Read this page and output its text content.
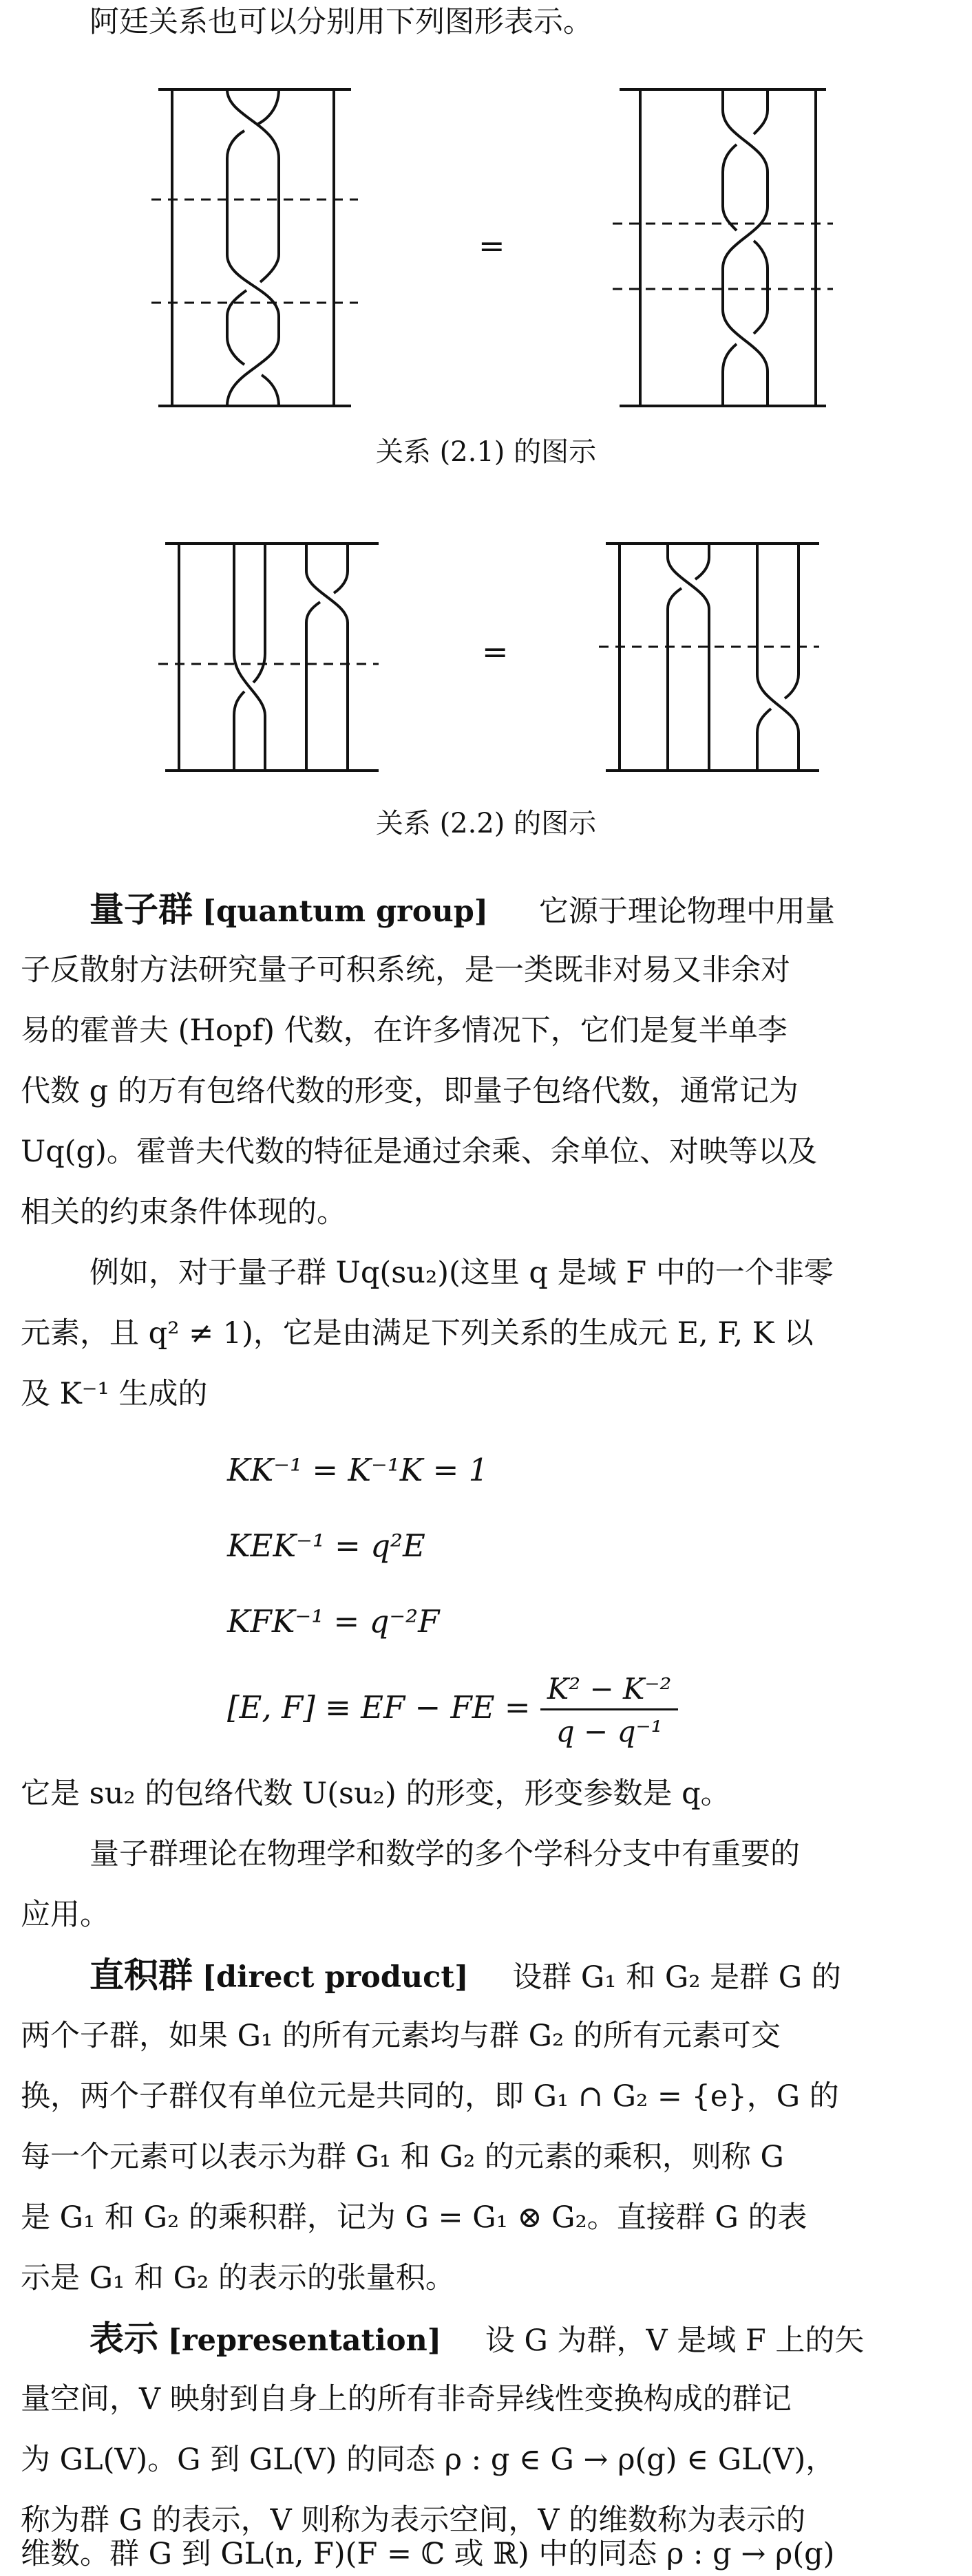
阿廷关系也可以分别用下列图形表示。
=
关系 (2.1) 的图示
=
关系 (2.2) 的图示
量子群 [quantum group] 它源于理论物理中用量
子反散射方法研究量子可积系统，是一类既非对易又非余对
易的霍普夫 (Hopf) 代数，在许多情况下，它们是复半单李
代数 g 的万有包络代数的形变，即量子包络代数，通常记为
Uq(g)。霍普夫代数的特征是通过余乘、余单位、对映等以及
相关的约束条件体现的。
例如，对于量子群 Uq(su₂)(这里 q 是域 F 中的一个非零
元素，且 q² ≠ 1)，它是由满足下列关系的生成元 E, F, K 以
及 K⁻¹ 生成的
KK⁻¹ = K⁻¹K = 1
KEK⁻¹ = q²E
KFK⁻¹ = q⁻²F
[E, F] ≡ EF − FE = $\frac{\text{K² − K⁻²}}{\text{q − q⁻¹}}$
它是 su₂ 的包络代数 U(su₂) 的形变，形变参数是 q。
量子群理论在物理学和数学的多个学科分支中有重要的
应用。
直积群 [direct product] 设群 G₁ 和 G₂ 是群 G 的
两个子群，如果 G₁ 的所有元素均与群 G₂ 的所有元素可交
换，两个子群仅有单位元是共同的，即 G₁ ∩ G₂ = {e}，G 的
每一个元素可以表示为群 G₁ 和 G₂ 的元素的乘积，则称 G
是 G₁ 和 G₂ 的乘积群，记为 G = G₁ ⊗ G₂。直接群 G 的表
示是 G₁ 和 G₂ 的表示的张量积。
表示 [representation] 设 G 为群，V 是域 F 上的矢
量空间，V 映射到自身上的所有非奇异线性变换构成的群记
为 GL(V)。G 到 GL(V) 的同态 ρ : g ∈ G → ρ(g) ∈ GL(V)，
称为群 G 的表示，V 则称为表示空间，V 的维数称为表示的
维数。群 G 到 GL(n, F)(F = ℂ 或 ℝ) 中的同态 ρ : g → ρ(g)
